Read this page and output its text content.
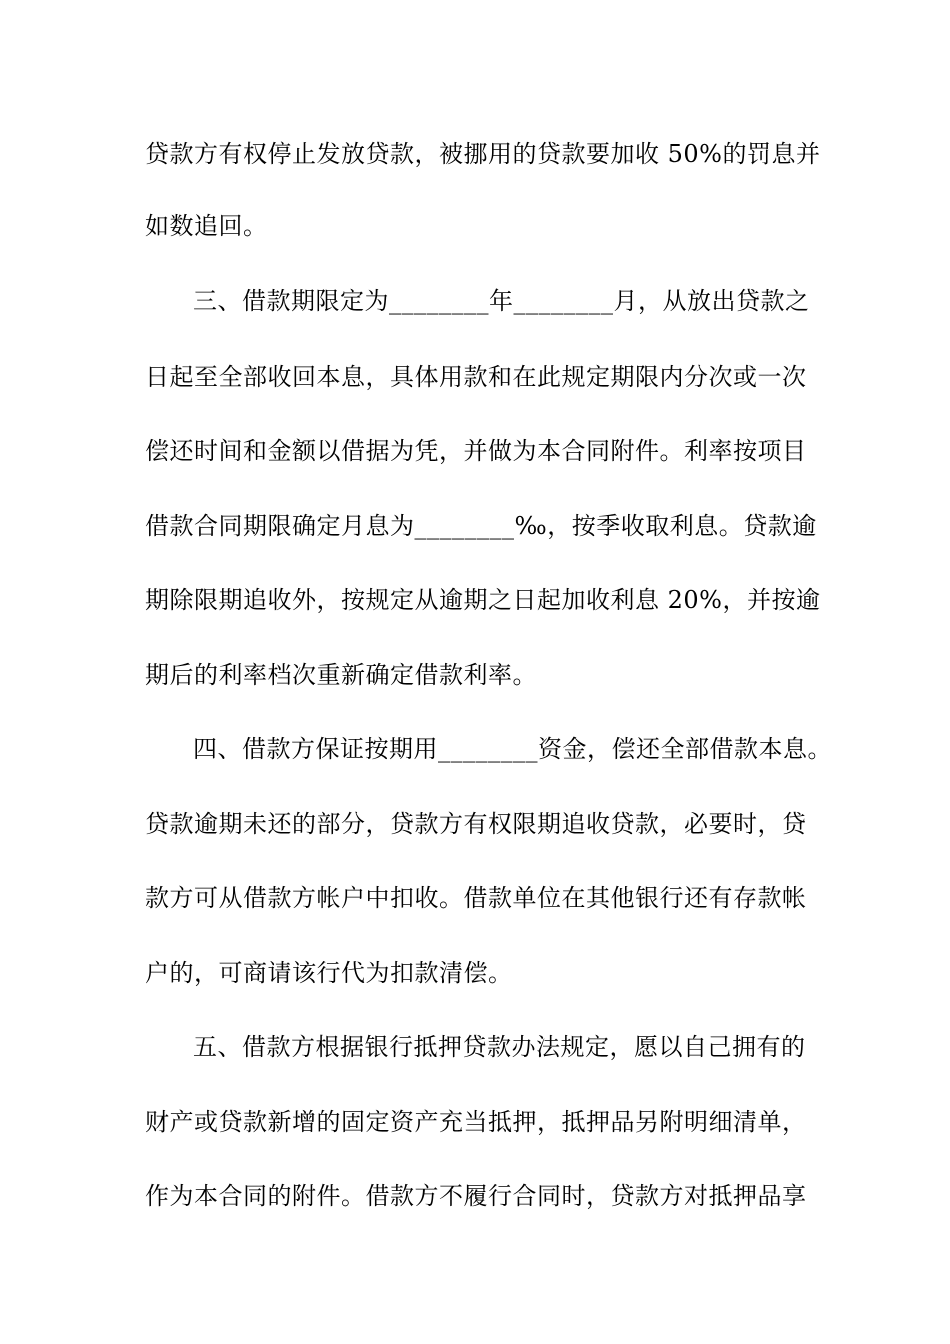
贷款方有权停止发放贷款，被挪用的贷款要加收 50%的罚息并
如数追回。
三、借款期限定为________年________月，从放出贷款之
日起至全部收回本息，具体用款和在此规定期限内分次或一次
偿还时间和金额以借据为凭，并做为本合同附件。利率按项目
借款合同期限确定月息为________‰，按季收取利息。贷款逾
期除限期追收外，按规定从逾期之日起加收利息 20%，并按逾
期后的利率档次重新确定借款利率。
四、借款方保证按期用________资金，偿还全部借款本息。
贷款逾期未还的部分，贷款方有权限期追收贷款，必要时，贷
款方可从借款方帐户中扣收。借款单位在其他银行还有存款帐
户的，可商请该行代为扣款清偿。
五、借款方根据银行抵押贷款办法规定，愿以自己拥有的
财产或贷款新增的固定资产充当抵押，抵押品另附明细清单，
作为本合同的附件。借款方不履行合同时，贷款方对抵押品享
